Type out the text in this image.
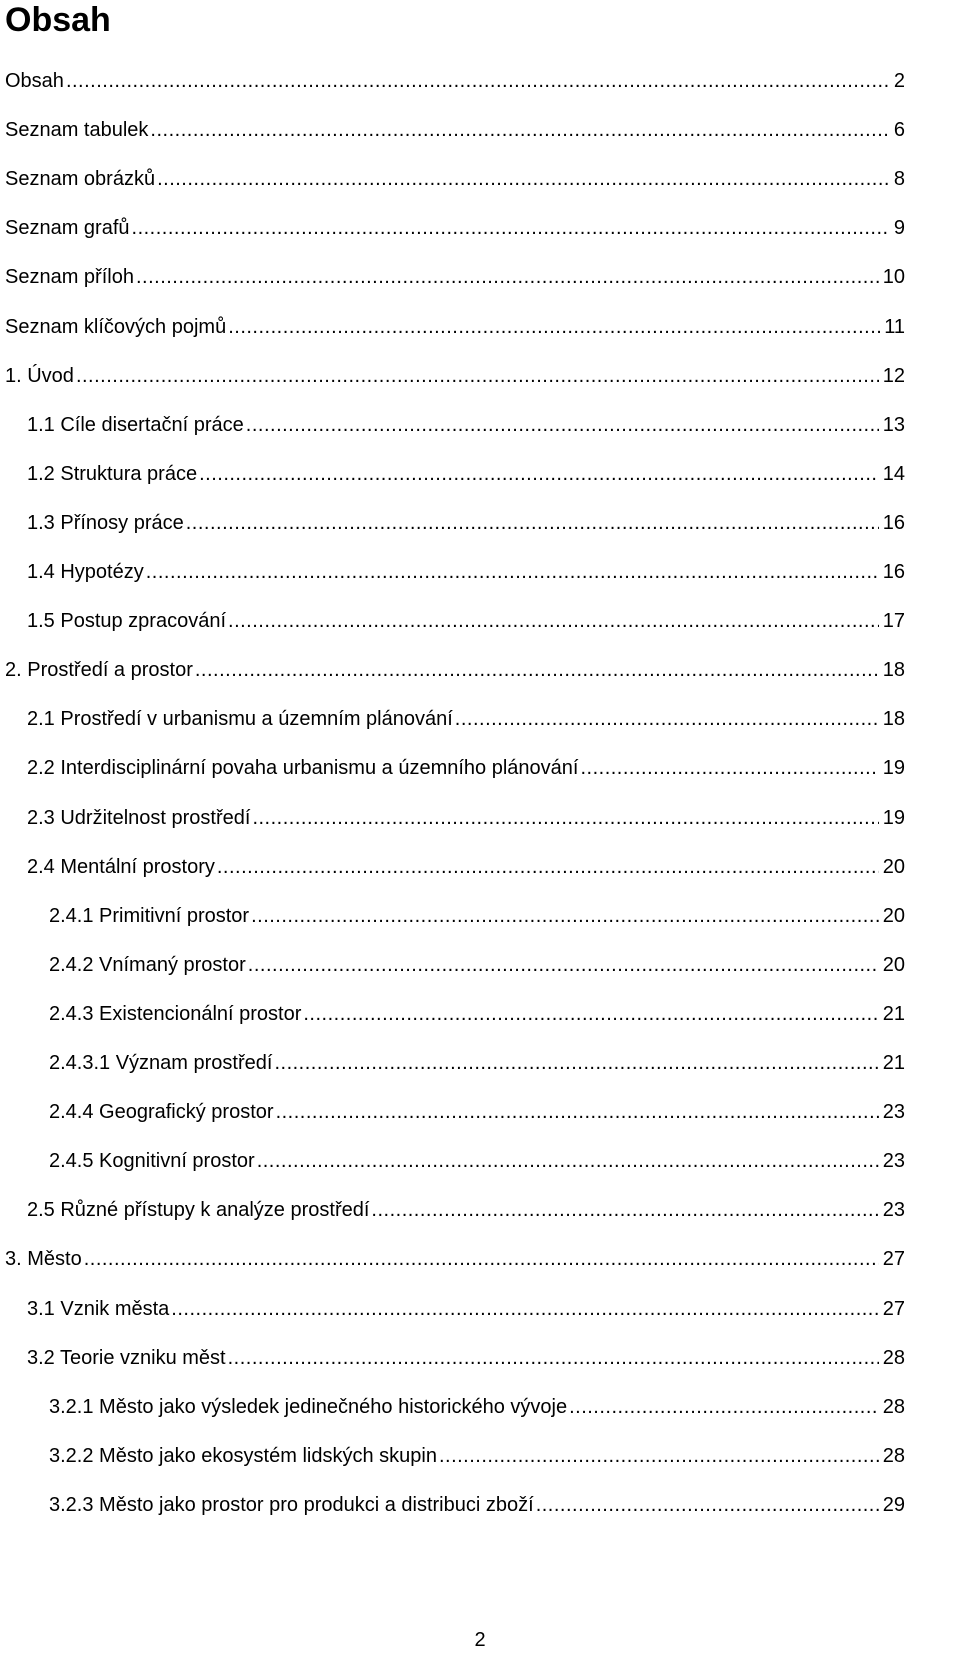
Obsah
Obsah .....	2
Seznam tabulek .....	6
Seznam obrázků .....	8
Seznam grafů .....	9
Seznam příloh .....	10
Seznam klíčových pojmů .....	11
1. Úvod .....	12
1.1 Cíle disertační práce .....	13
1.2 Struktura práce .....	14
1.3 Přínosy práce .....	16
1.4 Hypotézy .....	16
1.5 Postup zpracování .....	17
2. Prostředí a prostor .....	18
2.1 Prostředí v urbanismu a územním plánování .....	18
2.2 Interdisciplinární povaha urbanismu a územního plánování .....	19
2.3 Udržitelnost prostředí .....	19
2.4 Mentální prostory .....	20
2.4.1 Primitivní prostor .....	20
2.4.2 Vnímaný prostor .....	20
2.4.3 Existencionální prostor .....	21
2.4.3.1 Význam prostředí .....	21
2.4.4 Geografický prostor .....	23
2.4.5 Kognitivní prostor .....	23
2.5 Různé přístupy k analýze prostředí .....	23
3. Město .....	27
3.1 Vznik města .....	27
3.2 Teorie vzniku měst .....	28
3.2.1 Město jako výsledek jedinečného historického vývoje .....	28
3.2.2 Město jako ekosystém lidských skupin .....	28
3.2.3 Město jako prostor pro produkci a distribuci zboží .....	29
2
